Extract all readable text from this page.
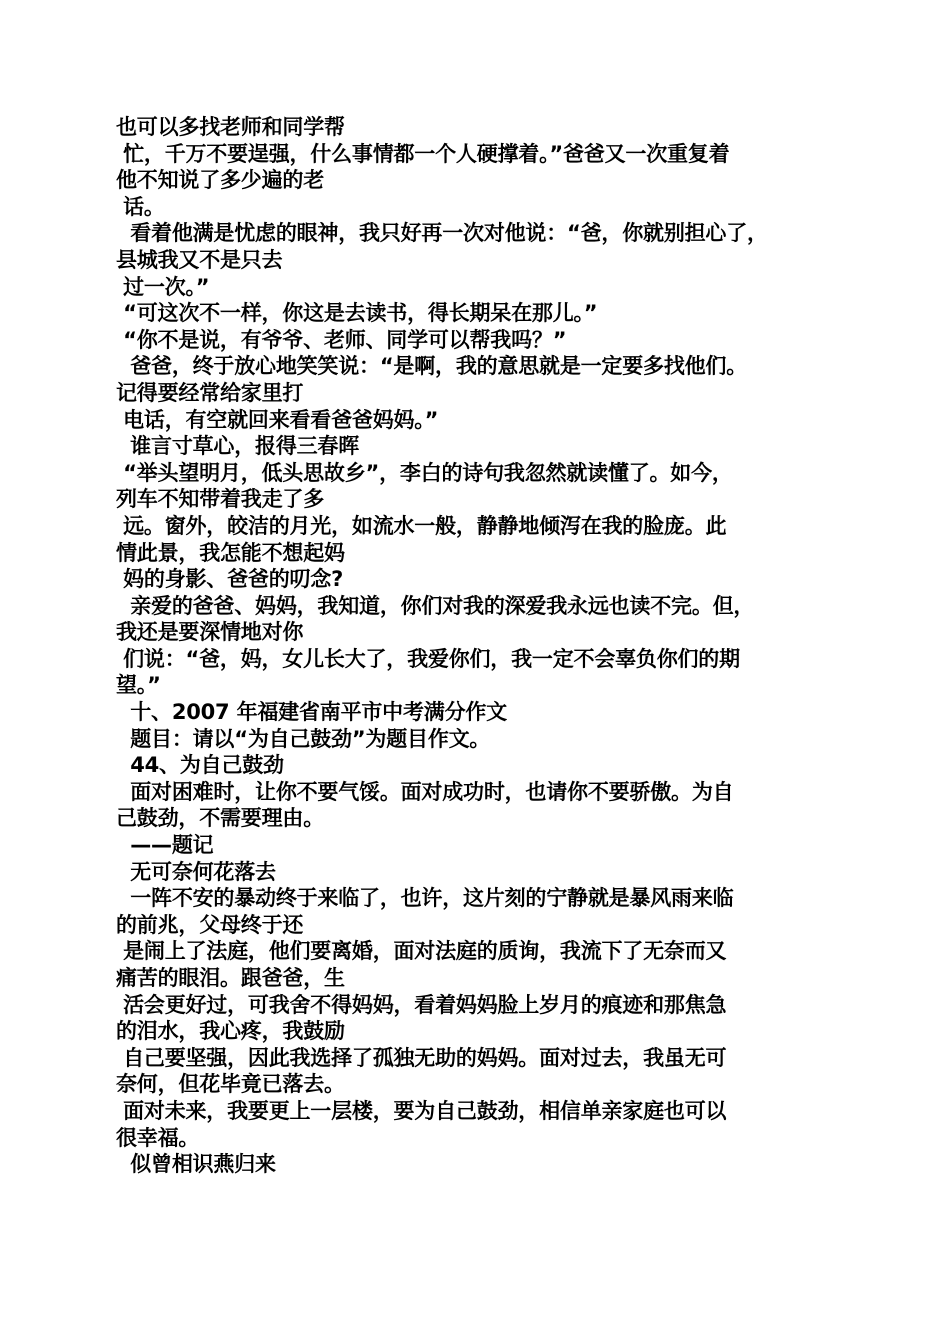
也可以多找老师和同学帮
忙，千万不要逞强，什么事情都一个人硬撑着。”爸爸又一次重复着
他不知说了多少遍的老
话。
看着他满是忧虑的眼神，我只好再一次对他说：“爸，你就别担心了，
县城我又不是只去
过一次。”
“可这次不一样，你这是去读书，得长期呆在那儿。”
“你不是说，有爷爷、老师、同学可以帮我吗？”
爸爸，终于放心地笑笑说：“是啊，我的意思就是一定要多找他们。
记得要经常给家里打
电话，有空就回来看看爸爸妈妈。”
谁言寸草心，报得三春晖
“举头望明月，低头思故乡”，李白的诗句我忽然就读懂了。如今，
列车不知带着我走了多
远。窗外，皎洁的月光，如流水一般，静静地倾泻在我的脸庞。此
情此景，我怎能不想起妈
妈的身影、爸爸的叨念?
亲爱的爸爸、妈妈，我知道，你们对我的深爱我永远也读不完。但，
我还是要深情地对你
们说：“爸，妈，女儿长大了，我爱你们，我一定不会辜负你们的期
望。”
十、2007 年福建省南平市中考满分作文
题目：请以“为自己鼓劲”为题目作文。
44、为自己鼓劲
面对困难时，让你不要气馁。面对成功时，也请你不要骄傲。为自
己鼓劲，不需要理由。
——题记
无可奈何花落去
一阵不安的暴动终于来临了，也许，这片刻的宁静就是暴风雨来临
的前兆，父母终于还
是闹上了法庭，他们要离婚，面对法庭的质询，我流下了无奈而又
痛苦的眼泪。跟爸爸，生
活会更好过，可我舍不得妈妈，看着妈妈脸上岁月的痕迹和那焦急
的泪水，我心疼，我鼓励
自己要坚强，因此我选择了孤独无助的妈妈。面对过去，我虽无可
奈何，但花毕竟已落去。
面对未来，我要更上一层楼，要为自己鼓劲，相信单亲家庭也可以
很幸福。
似曾相识燕归来
